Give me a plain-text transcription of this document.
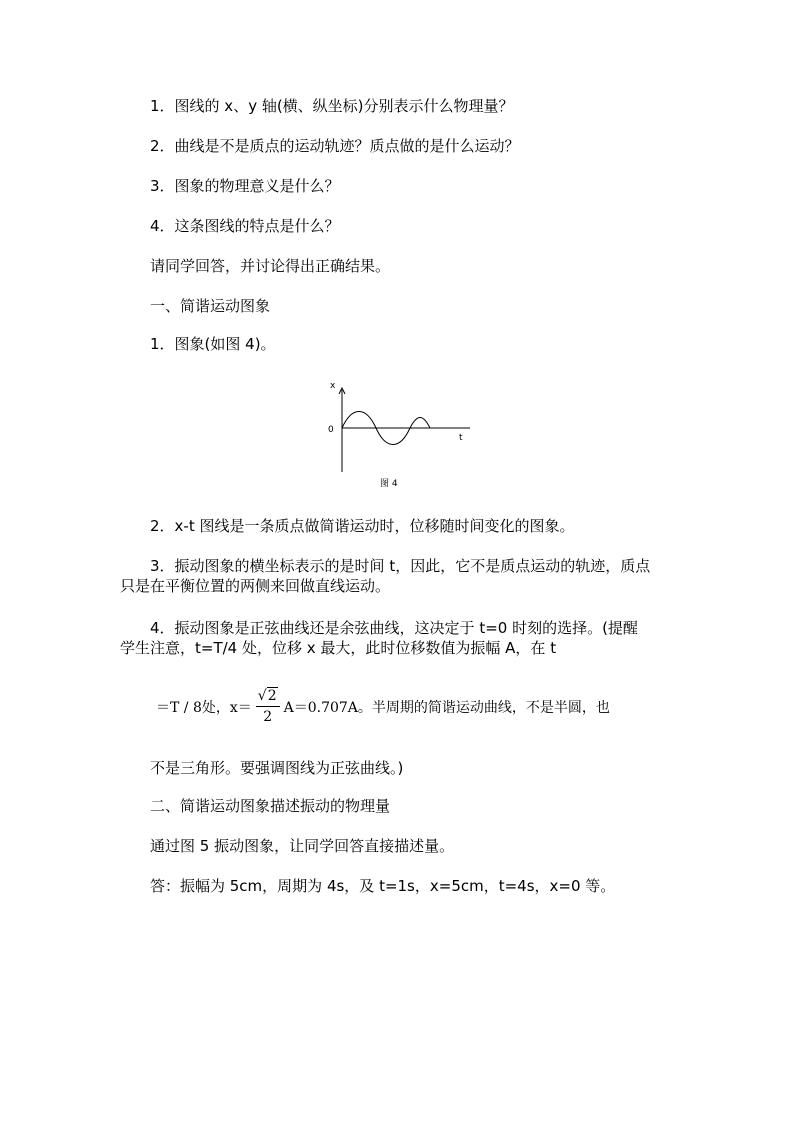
1．图线的 x、y 轴(横、纵坐标)分别表示什么物理量？
2．曲线是不是质点的运动轨迹？质点做的是什么运动？
3．图象的物理意义是什么？
4．这条图线的特点是什么？
请同学回答，并讨论得出正确结果。
一、简谐运动图象
1．图象(如图 4)。
x
t
0
图 4
2．x-t 图线是一条质点做简谐运动时，位移随时间变化的图象。
3．振动图象的横坐标表示的是时间 t，因此，它不是质点运动的轨迹，质点
只是在平衡位置的两侧来回做直线运动。
4．振动图象是正弦曲线还是余弦曲线，这决定于 t=0 时刻的选择。(提醒
学生注意，t=T/4 处，位移 x 最大，此时位移数值为振幅 A，在 t
＝T / 8处，$x= \frac{√2}{2} A=0.707A$。半周期的简谐运动曲线，不是半圆，也
不是三角形。要强调图线为正弦曲线。)
二、简谐运动图象描述振动的物理量
通过图 5 振动图象，让同学回答直接描述量。
答：振幅为 5cm，周期为 4s，及 t=1s，x=5cm，t=4s，x=0 等。
